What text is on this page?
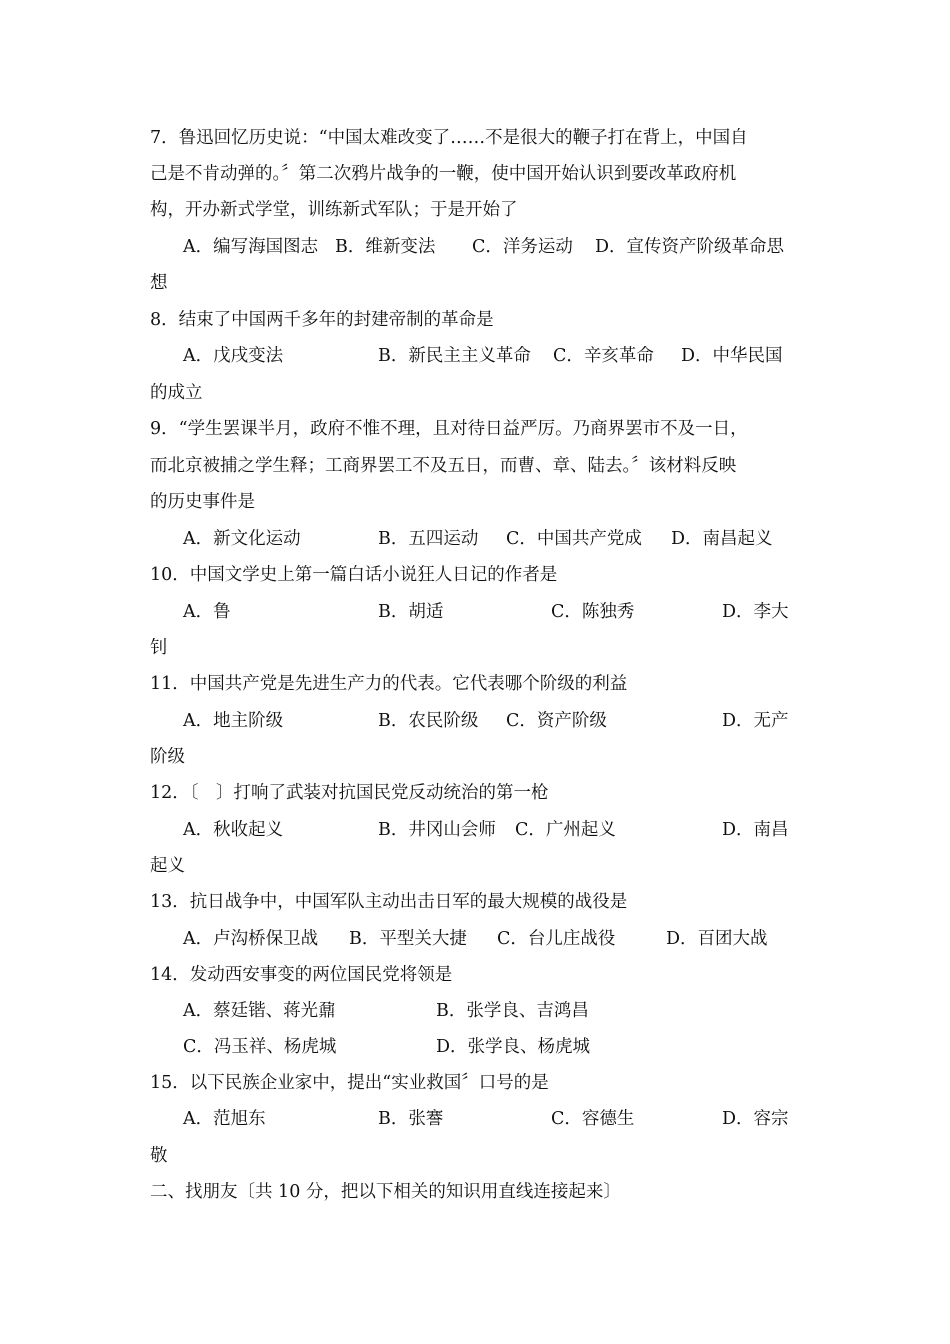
7．鲁迅回忆历史说：“中国太难改变了……不是很大的鞭子打在背上，中国自
己是不肯动弹的。〞第二次鸦片战争的一鞭，使中国开始认识到要改革政府机
构，开办新式学堂，训练新式军队；于是开始了
A．编写海国图志 B．维新变法 C．洋务运动 D．宣传资产阶级革命思
想
8．结束了中国两千多年的封建帝制的革命是
A．戊戌变法	B．新民主主义革命 C．辛亥革命 D．中华民国
的成立
9．“学生罢课半月，政府不惟不理，且对待日益严厉。乃商界罢市不及一日，
而北京被捕之学生释；工商界罢工不及五日，而曹、章、陆去。〞该材料反映
的历史事件是
A．新文化运动	B．五四运动 C．中国共产党成 D．南昌起义
10．中国文学史上第一篇白话小说狂人日记的作者是
A．鲁	B．胡适	C．陈独秀	D．李大
钊
11．中国共产党是先进生产力的代表。它代表哪个阶级的利益
A．地主阶级	B．农民阶级 C．资产阶级	D．无产
阶级
12．〔　〕打响了武装对抗国民党反动统治的第一枪
A．秋收起义	B．井冈山会师 C．广州起义	D．南昌
起义
13．抗日战争中，中国军队主动出击日军的最大规模的战役是
A．卢沟桥保卫战 B．平型关大捷 C．台儿庄战役	D．百团大战
14．发动西安事变的两位国民党将领是
A．蔡廷锴、蒋光鼐	B．张学良、吉鸿昌
C．冯玉祥、杨虎城	D．张学良、杨虎城
15．以下民族企业家中，提出“实业救国〞口号的是
A．范旭东	B．张謇	C．容德生	D．容宗
敬
二、找朋友〔共 10 分，把以下相关的知识用直线连接起来〕
